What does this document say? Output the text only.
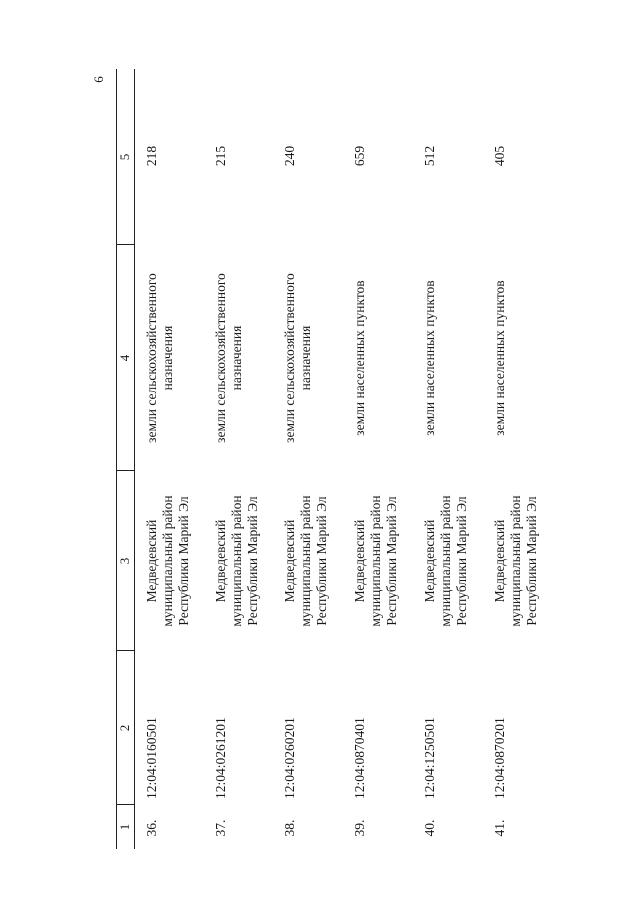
6
1
2
3
4
5
36.
12:04:0160501
Медведевский муниципальный район Республики Марий Эл
земли сельскохозяйственного назначения
218
37.
12:04:0261201
Медведевский муниципальный район Республики Марий Эл
земли сельскохозяйственного назначения
215
38.
12:04:0260201
Медведевский муниципальный район Республики Марий Эл
земли сельскохозяйственного назначения
240
39.
12:04:0870401
Медведевский муниципальный район Республики Марий Эл
земли населенных пунктов
659
40.
12:04:1250501
Медведевский муниципальный район Республики Марий Эл
земли населенных пунктов
512
41.
12:04:0870201
Медведевский муниципальный район Республики Марий Эл
земли населенных пунктов
405
